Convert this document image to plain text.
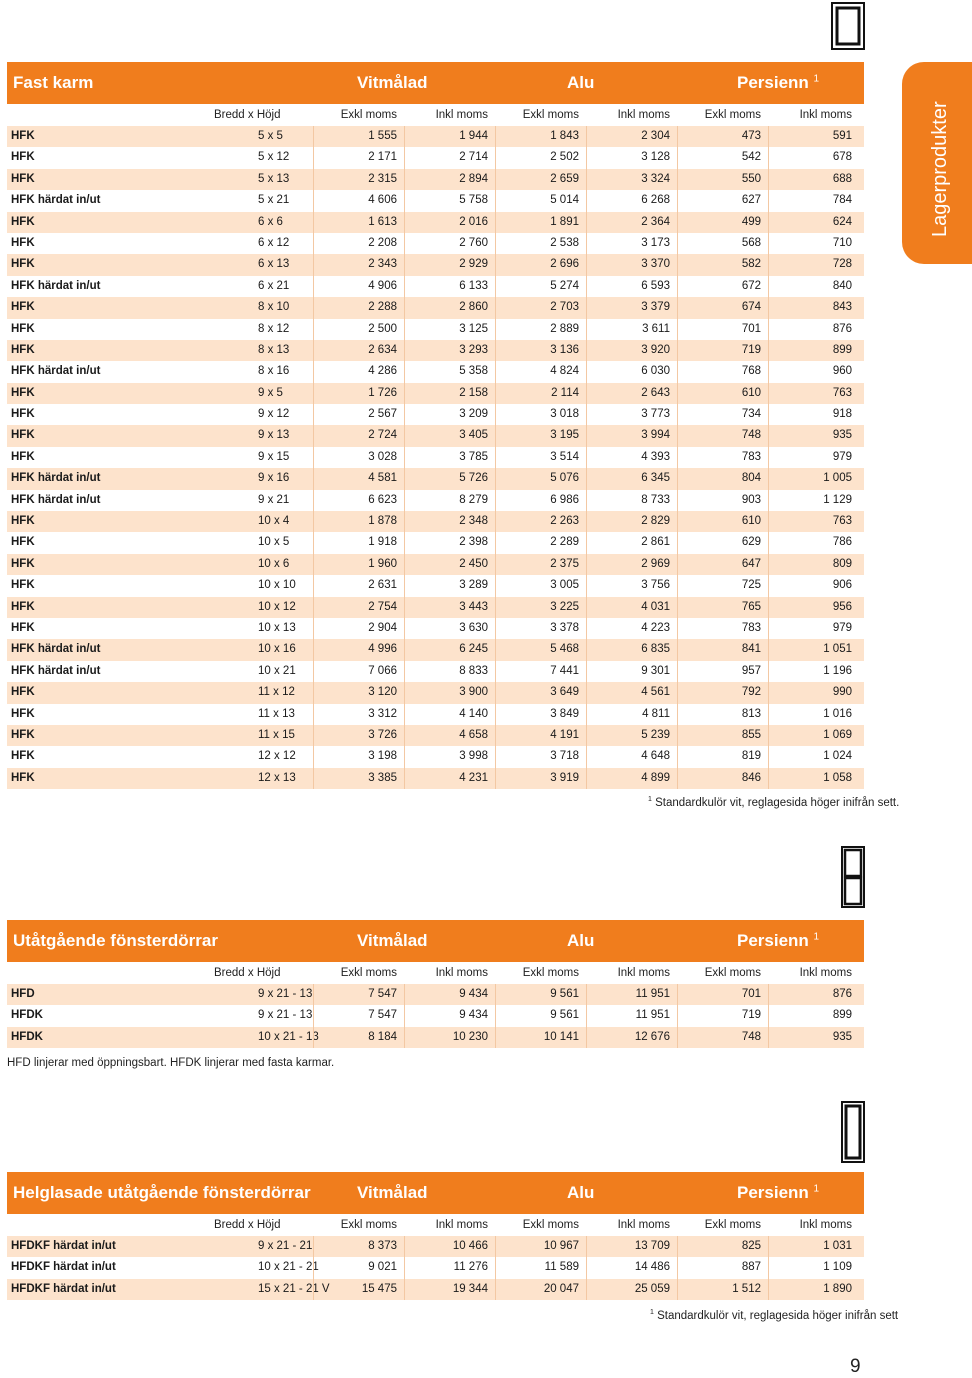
Lagerprodukter
Fast karm	Vitmålad	Alu	Persienn $^1$
Bredd x Höjd	Exkl moms	Inkl moms	Exkl moms	Inkl moms	Exkl moms	Inkl moms
HFK	5 x 5	1 555	1 944	1 843	2 304	473	591
HFK	5 x 12	2 171	2 714	2 502	3 128	542	678
HFK	5 x 13	2 315	2 894	2 659	3 324	550	688
HFK härdat in/ut	5 x 21	4 606	5 758	5 014	6 268	627	784
HFK	6 x 6	1 613	2 016	1 891	2 364	499	624
HFK	6 x 12	2 208	2 760	2 538	3 173	568	710
HFK	6 x 13	2 343	2 929	2 696	3 370	582	728
HFK härdat in/ut	6 x 21	4 906	6 133	5 274	6 593	672	840
HFK	8 x 10	2 288	2 860	2 703	3 379	674	843
HFK	8 x 12	2 500	3 125	2 889	3 611	701	876
HFK	8 x 13	2 634	3 293	3 136	3 920	719	899
HFK härdat in/ut	8 x 16	4 286	5 358	4 824	6 030	768	960
HFK	9 x 5	1 726	2 158	2 114	2 643	610	763
HFK	9 x 12	2 567	3 209	3 018	3 773	734	918
HFK	9 x 13	2 724	3 405	3 195	3 994	748	935
HFK	9 x 15	3 028	3 785	3 514	4 393	783	979
HFK härdat in/ut	9 x 16	4 581	5 726	5 076	6 345	804	1 005
HFK härdat in/ut	9 x 21	6 623	8 279	6 986	8 733	903	1 129
HFK	10 x 4	1 878	2 348	2 263	2 829	610	763
HFK	10 x 5	1 918	2 398	2 289	2 861	629	786
HFK	10 x 6	1 960	2 450	2 375	2 969	647	809
HFK	10 x 10	2 631	3 289	3 005	3 756	725	906
HFK	10 x 12	2 754	3 443	3 225	4 031	765	956
HFK	10 x 13	2 904	3 630	3 378	4 223	783	979
HFK härdat in/ut	10 x 16	4 996	6 245	5 468	6 835	841	1 051
HFK härdat in/ut	10 x 21	7 066	8 833	7 441	9 301	957	1 196
HFK	11 x 12	3 120	3 900	3 649	4 561	792	990
HFK	11 x 13	3 312	4 140	3 849	4 811	813	1 016
HFK	11 x 15	3 726	4 658	4 191	5 239	855	1 069
HFK	12 x 12	3 198	3 998	3 718	4 648	819	1 024
HFK	12 x 13	3 385	4 231	3 919	4 899	846	1 058
$^1$ Standardkulör vit, reglagesida höger inifrån sett.
Utåtgående fönsterdörrar	Vitmålad	Alu	Persienn $^1$
Bredd x Höjd	Exkl moms	Inkl moms	Exkl moms	Inkl moms	Exkl moms	Inkl moms
HFD	9 x 21 - 13	7 547	9 434	9 561	11 951	701	876
HFDK	9 x 21 - 13	7 547	9 434	9 561	11 951	719	899
HFDK	10 x 21 - 13	8 184	10 230	10 141	12 676	748	935
HFD linjerar med öppningsbart. HFDK linjerar med fasta karmar.
Helglasade utåtgående fönsterdörrar	Vitmålad	Alu	Persienn $^1$
Bredd x Höjd	Exkl moms	Inkl moms	Exkl moms	Inkl moms	Exkl moms	Inkl moms
HFDKF härdat in/ut	9 x 21 - 21	8 373	10 466	10 967	13 709	825	1 031
HFDKF härdat in/ut	10 x 21 - 21	9 021	11 276	11 589	14 486	887	1 109
HFDKF härdat in/ut	15 x 21 - 21 V	15 475	19 344	20 047	25 059	1 512	1 890
$^1$ Standardkulör vit, reglagesida höger inifrån sett
9
